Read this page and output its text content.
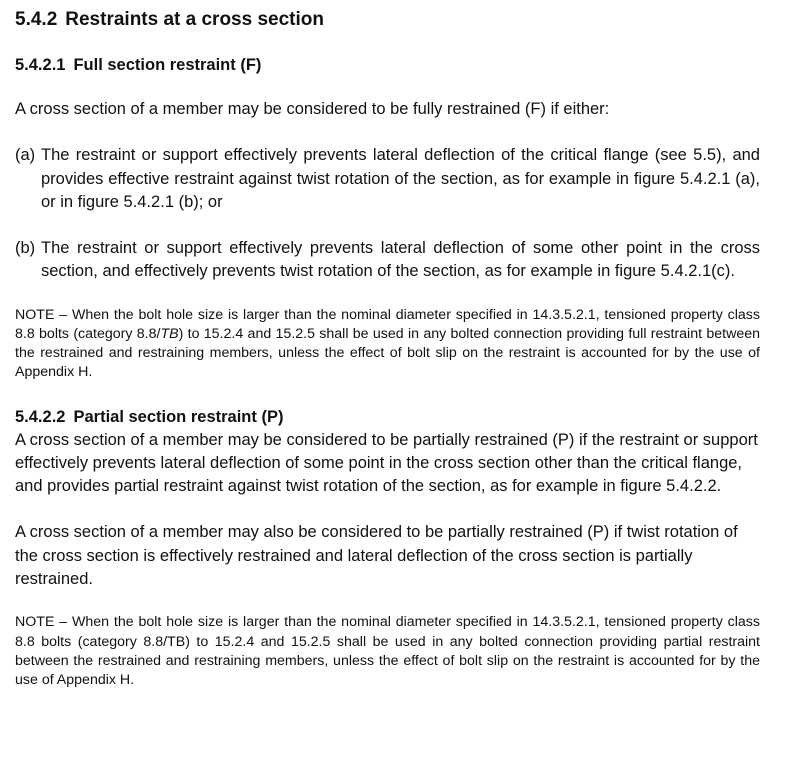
5.4.2 Restraints at a cross section
5.4.2.1 Full section restraint (F)

A cross section of a member may be considered to be fully restrained (F) if either:

(a) The restraint or support effectively prevents lateral deflection of the critical flange (see 5.5), and provides effective restraint against twist rotation of the section, as for example in figure 5.4.2.1 (a), or in figure 5.4.2.1 (b); or

(b) The restraint or support effectively prevents lateral deflection of some other point in the cross section, and effectively prevents twist rotation of the section, as for example in figure 5.4.2.1(c).

NOTE – When the bolt hole size is larger than the nominal diameter specified in 14.3.5.2.1, tensioned property class 8.8 bolts (category 8.8/TB) to 15.2.4 and 15.2.5 shall be used in any bolted connection providing full restraint between the restrained and restraining members, unless the effect of bolt slip on the restraint is accounted for by the use of Appendix H.

5.4.2.2 Partial section restraint (P)

A cross section of a member may be considered to be partially restrained (P) if the restraint or support effectively prevents lateral deflection of some point in the cross section other than the critical flange, and provides partial restraint against twist rotation of the section, as for example in figure 5.4.2.2.

A cross section of a member may also be considered to be partially restrained (P) if twist rotation of the cross section is effectively restrained and lateral deflection of the cross section is partially restrained.

NOTE – When the bolt hole size is larger than the nominal diameter specified in 14.3.5.2.1, tensioned property class 8.8 bolts (category 8.8/TB) to 15.2.4 and 15.2.5 shall be used in any bolted connection providing partial restraint between the restrained and restraining members, unless the effect of bolt slip on the restraint is accounted for by the use of Appendix H.
